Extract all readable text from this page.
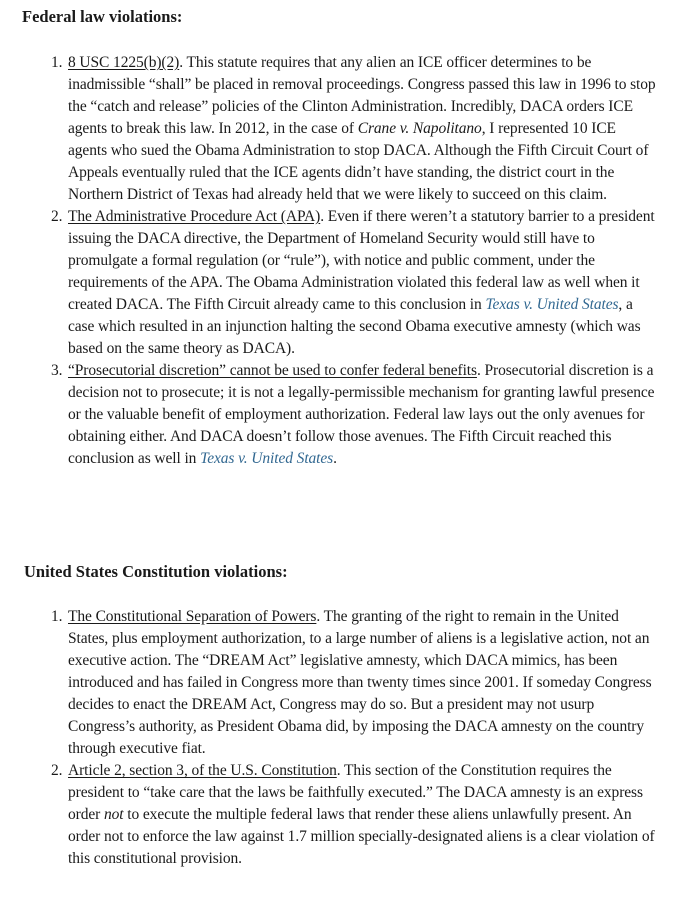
Federal law violations:
1. 8 USC 1225(b)(2). This statute requires that any alien an ICE officer determines to be inadmissible “shall” be placed in removal proceedings. Congress passed this law in 1996 to stop the “catch and release” policies of the Clinton Administration. Incredibly, DACA orders ICE agents to break this law. In 2012, in the case of Crane v. Napolitano, I represented 10 ICE agents who sued the Obama Administration to stop DACA. Although the Fifth Circuit Court of Appeals eventually ruled that the ICE agents didn’t have standing, the district court in the Northern District of Texas had already held that we were likely to succeed on this claim.
2. The Administrative Procedure Act (APA). Even if there weren’t a statutory barrier to a president issuing the DACA directive, the Department of Homeland Security would still have to promulgate a formal regulation (or “rule”), with notice and public comment, under the requirements of the APA. The Obama Administration violated this federal law as well when it created DACA. The Fifth Circuit already came to this conclusion in Texas v. United States, a case which resulted in an injunction halting the second Obama executive amnesty (which was based on the same theory as DACA).
3. “Prosecutorial discretion” cannot be used to confer federal benefits. Prosecutorial discretion is a decision not to prosecute; it is not a legally-permissible mechanism for granting lawful presence or the valuable benefit of employment authorization. Federal law lays out the only avenues for obtaining either. And DACA doesn’t follow those avenues. The Fifth Circuit reached this conclusion as well in Texas v. United States.
United States Constitution violations:
1. The Constitutional Separation of Powers. The granting of the right to remain in the United States, plus employment authorization, to a large number of aliens is a legislative action, not an executive action. The “DREAM Act” legislative amnesty, which DACA mimics, has been introduced and has failed in Congress more than twenty times since 2001. If someday Congress decides to enact the DREAM Act, Congress may do so. But a president may not usurp Congress’s authority, as President Obama did, by imposing the DACA amnesty on the country through executive fiat.
2. Article 2, section 3, of the U.S. Constitution. This section of the Constitution requires the president to “take care that the laws be faithfully executed.” The DACA amnesty is an express order not to execute the multiple federal laws that render these aliens unlawfully present. An order not to enforce the law against 1.7 million specially-designated aliens is a clear violation of this constitutional provision.
